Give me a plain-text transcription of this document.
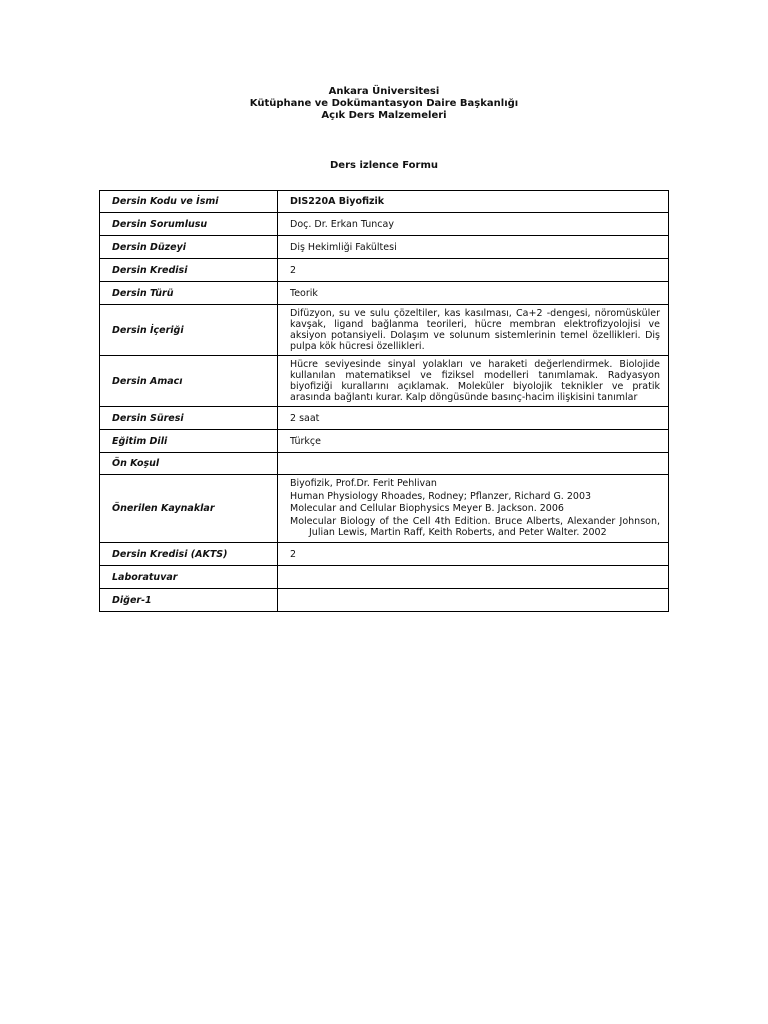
Ankara Üniversitesi
Kütüphane ve Dokümantasyon Daire Başkanlığı
Açık Ders Malzemeleri
Ders izlence Formu
Dersin Kodu ve İsmi	DIS220A Biyofizik
Dersin Sorumlusu	Doç. Dr. Erkan Tuncay
Dersin Düzeyi	Diş Hekimliği Fakültesi
Dersin Kredisi	2
Dersin Türü	Teorik
Dersin İçeriği	Difüzyon, su ve sulu çözeltiler, kas kasılması, Ca+2 -dengesi, nöromüsküler kavşak, ligand bağlanma teorileri, hücre membran elektrofizyolojisi ve aksiyon potansiyeli. Dolaşım ve solunum sistemlerinin temel özellikleri. Diş pulpa kök hücresi özellikleri.
Dersin Amacı	Hücre seviyesinde sinyal yolakları ve haraketi değerlendirmek. Biolojide kullanılan matematiksel ve fiziksel modelleri tanımlamak. Radyasyon biyofiziği kurallarını açıklamak. Moleküler biyolojik teknikler ve pratik arasında bağlantı kurar. Kalp döngüsünde basınç-hacim ilişkisini tanımlar
Dersin Süresi	2 saat
Eğitim Dili	Türkçe
Ön Koşul	
Önerilen Kaynaklar	Biyofizik, Prof.Dr. Ferit Pehlivan
Human Physiology Rhoades, Rodney; Pflanzer, Richard G. 2003
Molecular and Cellular Biophysics Meyer B. Jackson. 2006
Molecular Biology of the Cell 4th Edition. Bruce Alberts, Alexander Johnson, Julian Lewis, Martin Raff, Keith Roberts, and Peter Walter. 2002

Dersin Kredisi (AKTS)	2
Laboratuvar	
Diğer-1	
